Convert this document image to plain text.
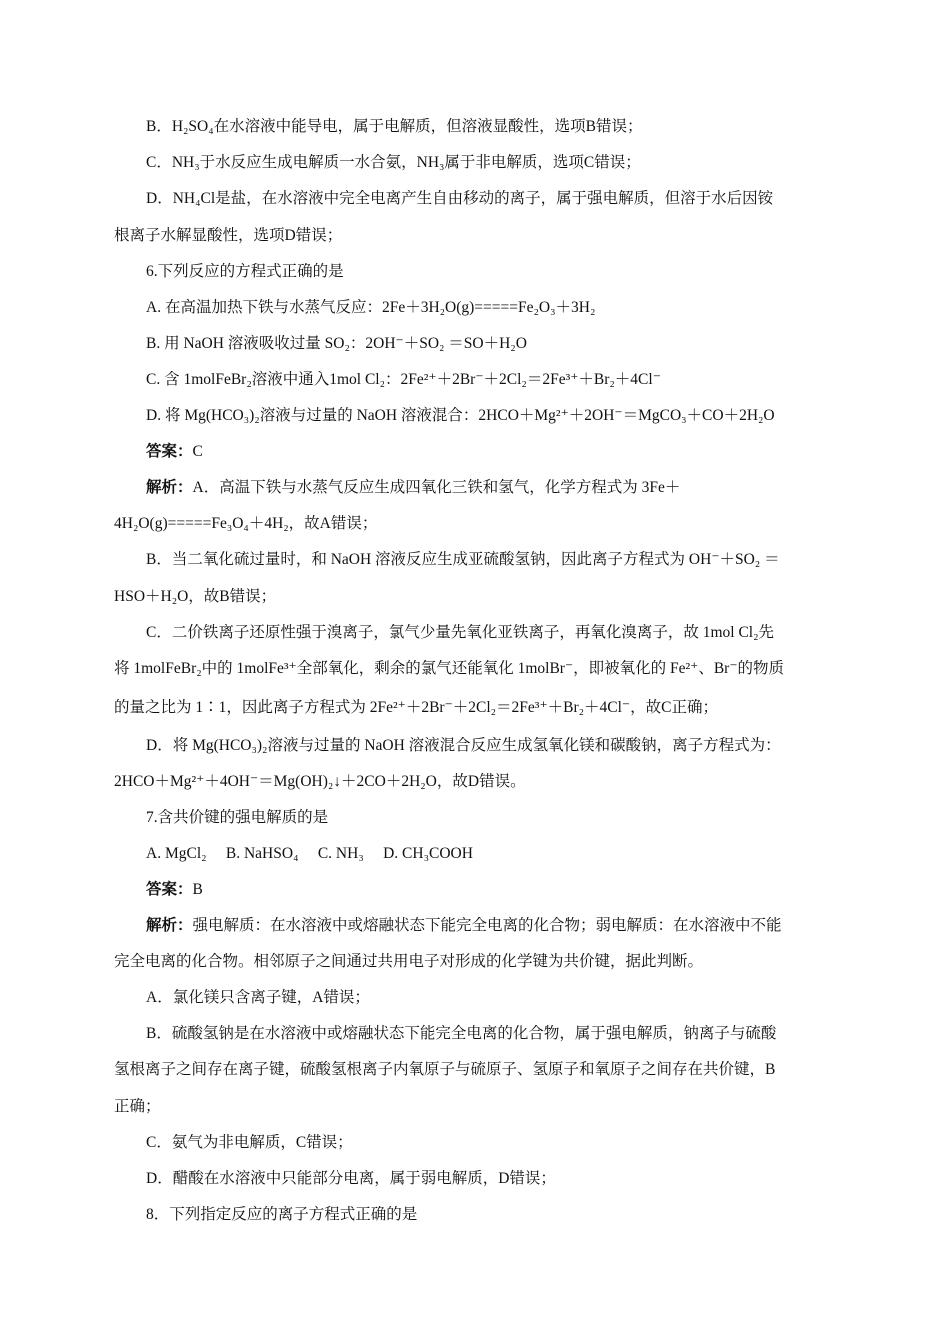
B．H₂SO₄在水溶液中能导电，属于电解质，但溶液显酸性，选项B错误；
C．NH₃于水反应生成电解质一水合氨，NH₃属于非电解质，选项C错误；
D．NH₄Cl是盐，在水溶液中完全电离产生自由移动的离子，属于强电解质，但溶于水后因铵
根离子水解显酸性，选项D错误；
6.下列反应的方程式正确的是
A. 在高温加热下铁与水蒸气反应：2Fe＋3H₂O(g)=====Fe₂O₃＋3H₂
B. 用 NaOH 溶液吸收过量 SO₂：2OH⁻＋SO₂ ＝SO＋H₂O
C. 含 1molFeBr₂溶液中通入1mol Cl₂：2Fe²⁺＋2Br⁻＋2Cl₂＝2Fe³⁺＋Br₂＋4Cl⁻
D. 将 Mg(HCO₃)₂溶液与过量的 NaOH 溶液混合：2HCO＋Mg²⁺＋2OH⁻＝MgCO₃＋CO＋2H₂O
答案：C
解析：A．高温下铁与水蒸气反应生成四氧化三铁和氢气，化学方程式为 3Fe＋
4H₂O(g)=====Fe₃O₄＋4H₂，故A错误；
B．当二氧化硫过量时，和 NaOH 溶液反应生成亚硫酸氢钠，因此离子方程式为 OH⁻＋SO₂ ＝
HSO＋H₂O，故B错误；
C．二价铁离子还原性强于溴离子，氯气少量先氧化亚铁离子，再氧化溴离子，故 1mol Cl₂先
将 1molFeBr₂中的 1molFe³⁺全部氧化，剩余的氯气还能氧化 1molBr⁻，即被氧化的 Fe²⁺、Br⁻的物质
的量之比为 1∶1，因此离子方程式为 2Fe²⁺＋2Br⁻＋2Cl₂＝2Fe³⁺＋Br₂＋4Cl⁻，故C正确；
D．将 Mg(HCO₃)₂溶液与过量的 NaOH 溶液混合反应生成氢氧化镁和碳酸钠，离子方程式为：
2HCO＋Mg²⁺＋4OH⁻＝Mg(OH)₂↓＋2CO＋2H₂O，故D错误。
7.含共价键的强电解质的是
A. MgCl₂     B. NaHSO₄     C. NH₃     D. CH₃COOH
答案：B
解析：强电解质：在水溶液中或熔融状态下能完全电离的化合物；弱电解质：在水溶液中不能
完全电离的化合物。相邻原子之间通过共用电子对形成的化学键为共价键，据此判断。
A．氯化镁只含离子键，A错误；
B．硫酸氢钠是在水溶液中或熔融状态下能完全电离的化合物，属于强电解质，钠离子与硫酸
氢根离子之间存在离子键，硫酸氢根离子内氧原子与硫原子、氢原子和氧原子之间存在共价键，B
正确；
C．氨气为非电解质，C错误；
D．醋酸在水溶液中只能部分电离，属于弱电解质，D错误；
8．下列指定反应的离子方程式正确的是
